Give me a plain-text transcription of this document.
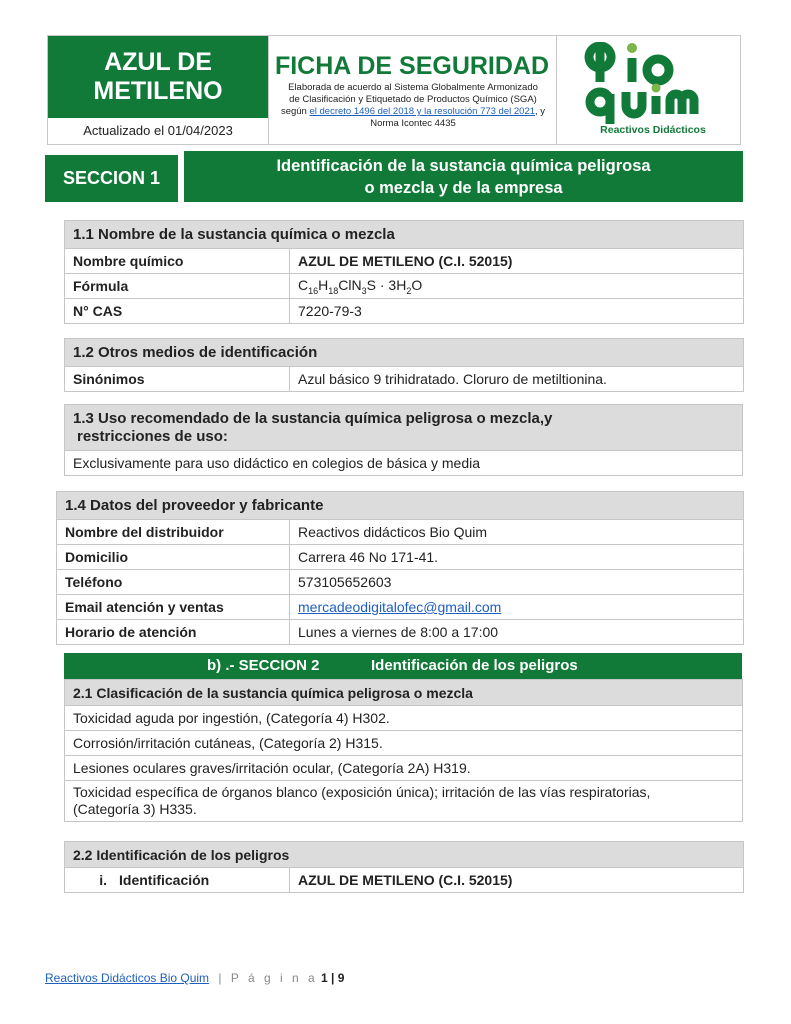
AZUL DE
METILENO
Actualizado el 01/04/2023
FICHA DE SEGURIDAD
Elaborada de acuerdo al Sistema Globalmente Armonizado
de Clasificación y Etiquetado de Productos Químico (SGA)
según el decreto 1496 del 2018 y la resolución 773 del 2021, y Norma Icontec 4435
Reactivos Didácticos
SECCION 1
Identificación de la sustancia química peligrosa
o mezcla y de la empresa
1.1 Nombre de la sustancia química o mezcla	
Nombre químico	AZUL DE METILENO (C.I. 52015)
Fórmula	$C_{16}H_{18}ClN_3S \cdot 3H_2O$
N° CAS	7220-79-3
1.2 Otros medios de identificación
Sinónimos	Azul básico 9 trihidratado. Cloruro de metiltionina.
1.3 Uso recomendado de la sustancia química peligrosa o mezcla,y
restricciones de uso:

Exclusivamente para uso didáctico en colegios de básica y media
1.4 Datos del proveedor y fabricante	
Nombre del distribuidor	Reactivos didácticos Bio Quim
Domicilio	Carrera 46 No 171-41.
Teléfono	573105652603
Email atención y ventas	mercadeodigitalofec@gmail.com
Horario de atención	Lunes a viernes de 8:00 a 17:00
b) .- SECCION 2	Identificación de los peligros
2.1 Clasificación de la sustancia química peligrosa o mezcla
Toxicidad aguda por ingestión, (Categoría 4) H302.
Corrosión/irritación cutáneas, (Categoría 2) H315.
Lesiones oculares graves/irritación ocular, (Categoría 2A) H319.

Toxicidad específica de órganos blanco (exposición única); irritación de las vías respiratorias,
(Categoría 3) H335.
2.2 Identificación de los peligros
i. Identificación	AZUL DE METILENO (C.I. 52015)
Reactivos Didácticos Bio Quim | P á g i n a 1 | 9
